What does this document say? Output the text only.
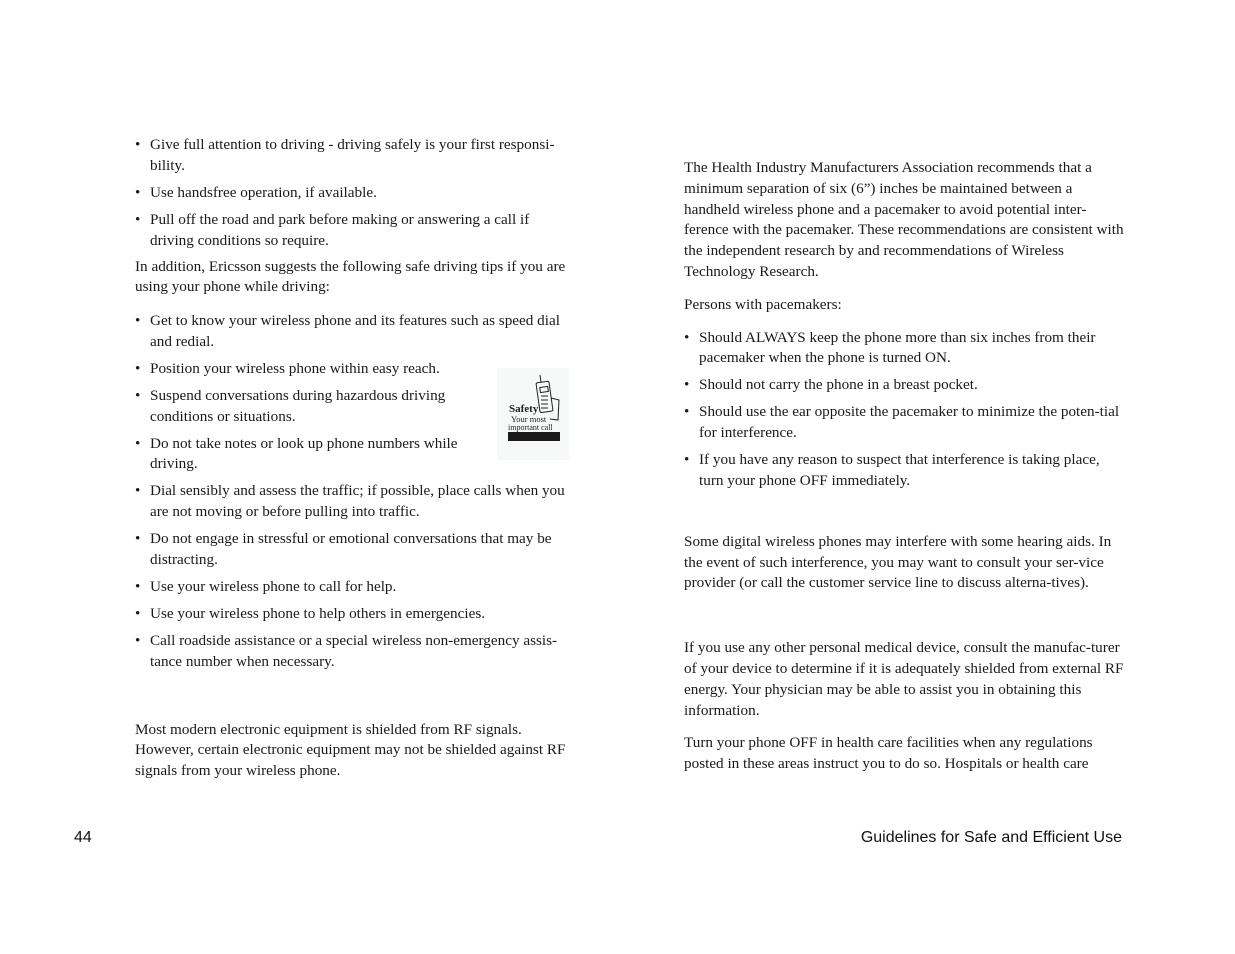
• Give full attention to driving - driving safely is your first responsi-bility.
• Use handsfree operation, if available.
• Pull off the road and park before making or answering a call if driving conditions so require.

In addition, Ericsson suggests the following safe driving tips if you are using your phone while driving:

• Get to know your wireless phone and its features such as speed dial and redial.
• Position your wireless phone within easy reach.
• Suspend conversations during hazardous driving conditions or situations.
• Do not take notes or look up phone numbers while driving.
• Dial sensibly and assess the traffic; if possible, place calls when you are not moving or before pulling into traffic.
• Do not engage in stressful or emotional conversations that may be distracting.
• Use your wireless phone to call for help.
• Use your wireless phone to help others in emergencies.
• Call roadside assistance or a special wireless non-emergency assis-tance number when necessary.

Most modern electronic equipment is shielded from RF signals. However, certain electronic equipment may not be shielded against RF signals from your wireless phone.

Safety
Your most
important call

The Health Industry Manufacturers Association recommends that a minimum separation of six (6”) inches be maintained between a handheld wireless phone and a pacemaker to avoid potential inter-ference with the pacemaker. These recommendations are consistent with the independent research by and recommendations of Wireless Technology Research.

Persons with pacemakers:

• Should ALWAYS keep the phone more than six inches from their pacemaker when the phone is turned ON.
• Should not carry the phone in a breast pocket.
• Should use the ear opposite the pacemaker to minimize the poten-tial for interference.
• If you have any reason to suspect that interference is taking place, turn your phone OFF immediately.

Some digital wireless phones may interfere with some hearing aids. In the event of such interference, you may want to consult your ser-vice provider (or call the customer service line to discuss alterna-tives).

If you use any other personal medical device, consult the manufac-turer of your device to determine if it is adequately shielded from external RF energy. Your physician may be able to assist you in obtaining this information.

Turn your phone OFF in health care facilities when any regulations posted in these areas instruct you to do so. Hospitals or health care

44	Guidelines for Safe and Efficient Use
